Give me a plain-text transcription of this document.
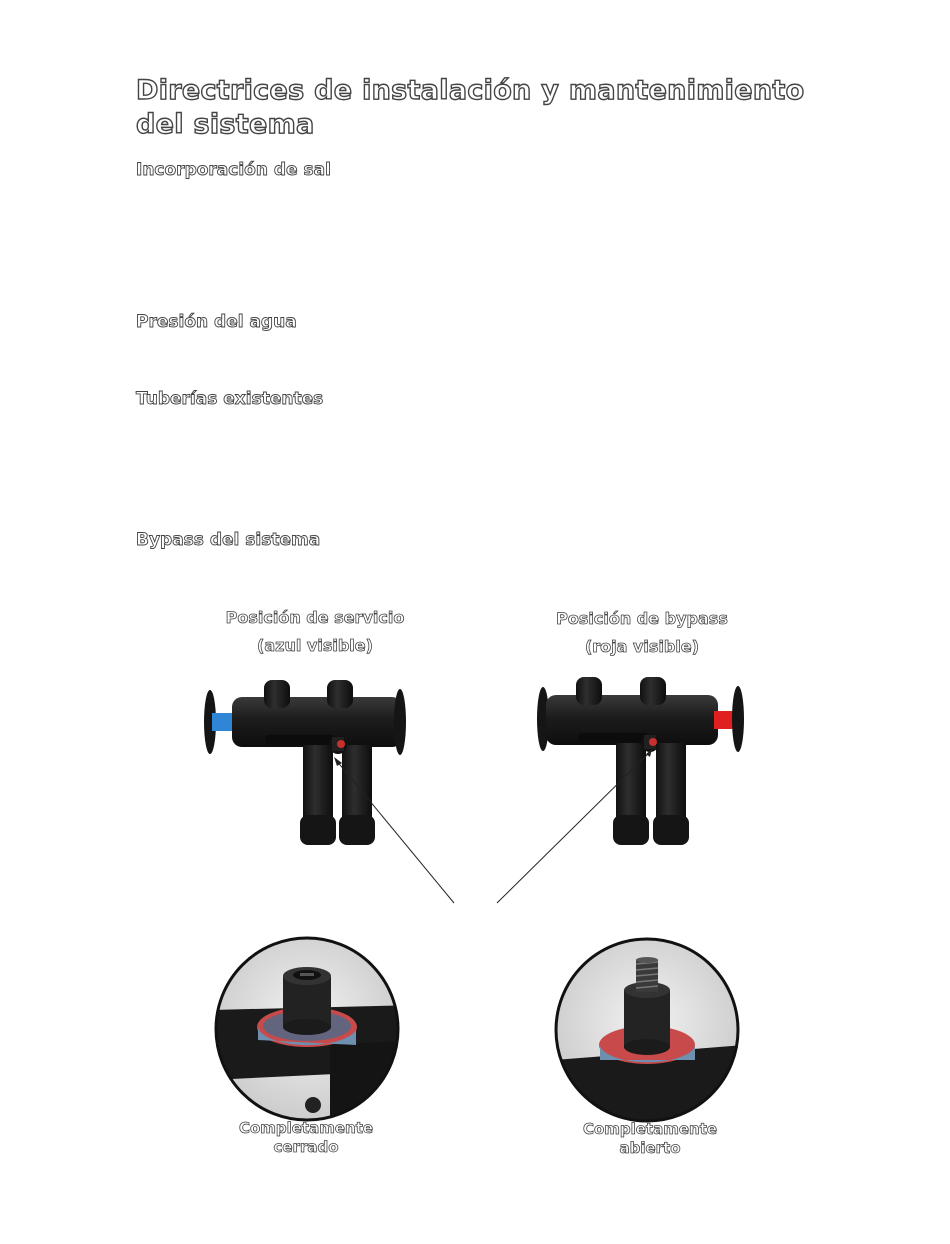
Directrices de instalación y mantenimiento
del sistema
Incorporación de sal
Presión del agua
Tuberías existentes
Bypass del sistema
Posición de servicio
(azul visible)
Posición de bypass
(roja visible)
Completamente
cerrado
Completamente
abierto
